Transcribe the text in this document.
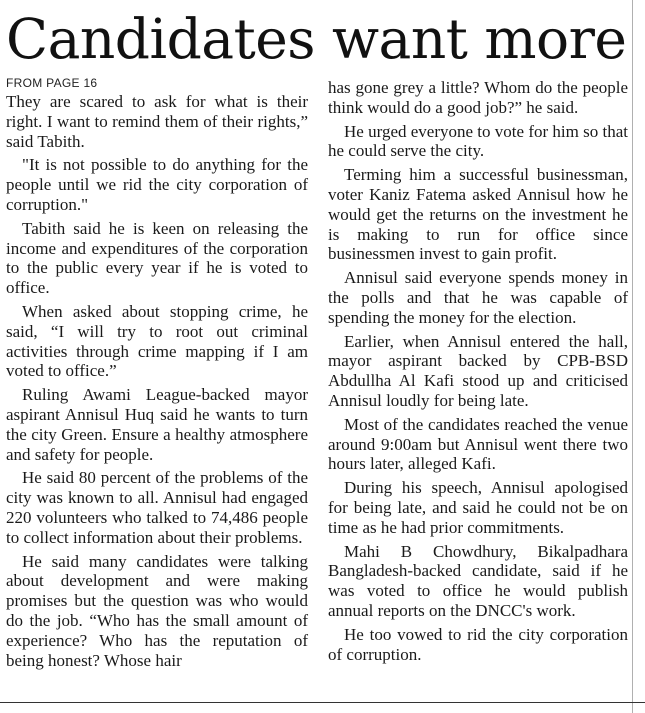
Candidates want more
FROM PAGE 16

They are scared to ask for what is their right. I want to remind them of their rights,” said Tabith.

"It is not possible to do anything for the people until we rid the city corporation of corruption."

Tabith said he is keen on releasing the income and expenditures of the corporation to the public every year if he is voted to office.

When asked about stopping crime, he said, “I will try to root out criminal activities through crime mapping if I am voted to office.”

Ruling Awami League-backed mayor aspirant Annisul Huq said he wants to turn the city Green. Ensure a healthy atmosphere and safety for people.

He said 80 percent of the problems of the city was known to all. Annisul had engaged 220 volunteers who talked to 74,486 people to collect information about their problems.

He said many candidates were talking about development and were making promises but the question was who would do the job. “Who has the small amount of experience? Who has the reputation of being honest? Whose hair

has gone grey a little? Whom do the people think would do a good job?” he said.

He urged everyone to vote for him so that he could serve the city.

Terming him a successful businessman, voter Kaniz Fatema asked Annisul how he would get the returns on the investment he is making to run for office since businessmen invest to gain profit.

Annisul said everyone spends money in the polls and that he was capable of spending the money for the election.

Earlier, when Annisul entered the hall, mayor aspirant backed by CPB-BSD Abdullha Al Kafi stood up and criticised Annisul loudly for being late.

Most of the candidates reached the venue around 9:00am but Annisul went there two hours later, alleged Kafi.

During his speech, Annisul apologised for being late, and said he could not be on time as he had prior commitments.

Mahi B Chowdhury, Bikalpadhara Bangladesh-backed candidate, said if he was voted to office he would publish annual reports on the DNCC's work.

He too vowed to rid the city corporation of corruption.
